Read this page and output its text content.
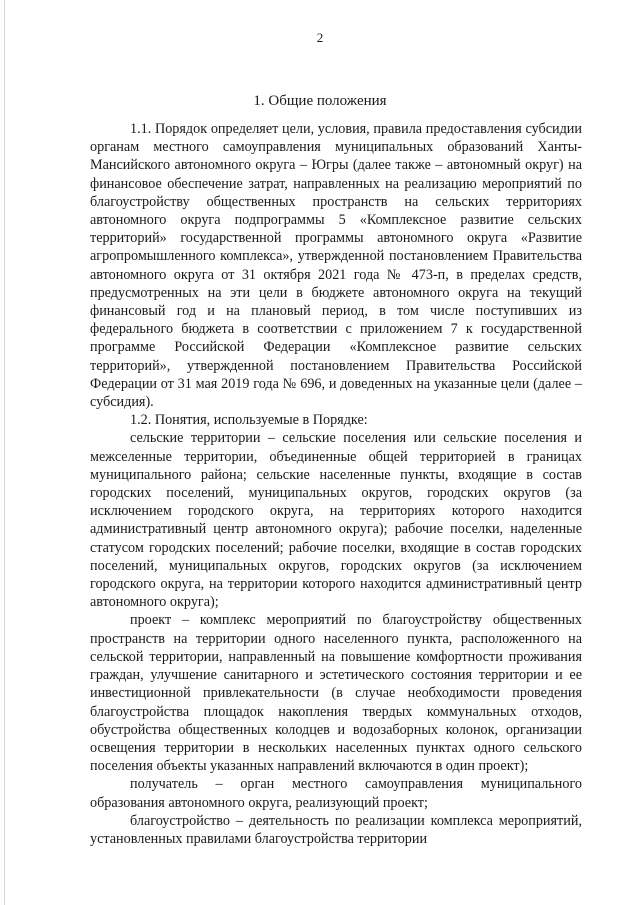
2
1. Общие положения

1.1. Порядок определяет цели, условия, правила предоставления субсидии органам местного самоуправления муниципальных образований Ханты-Мансийского автономного округа – Югры (далее также – автономный округ) на финансовое обеспечение затрат, направленных на реализацию мероприятий по благоустройству общественных пространств на сельских территориях автономного округа подпрограммы 5 «Комплексное развитие сельских территорий» государственной программы автономного округа «Развитие агропромышленного комплекса», утвержденной постановлением Правительства автономного округа от 31 октября 2021 года № 473-п, в пределах средств, предусмотренных на эти цели в бюджете автономного округа на текущий финансовый год и на плановый период, в том числе поступивших из федерального бюджета в соответствии с приложением 7 к государственной программе Российской Федерации «Комплексное развитие сельских территорий», утвержденной постановлением Правительства Российской Федерации от 31 мая 2019 года № 696, и доведенных на указанные цели (далее – субсидия).

1.2. Понятия, используемые в Порядке:

сельские территории – сельские поселения или сельские поселения и межселенные территории, объединенные общей территорией в границах муниципального района; сельские населенные пункты, входящие в состав городских поселений, муниципальных округов, городских округов (за исключением городского округа, на территориях которого находится административный центр автономного округа); рабочие поселки, наделенные статусом городских поселений; рабочие поселки, входящие в состав городских поселений, муниципальных округов, городских округов (за исключением городского округа, на территории которого находится административный центр автономного округа);

проект – комплекс мероприятий по благоустройству общественных пространств на территории одного населенного пункта, расположенного на сельской территории, направленный на повышение комфортности проживания граждан, улучшение санитарного и эстетического состояния территории и ее инвестиционной привлекательности (в случае необходимости проведения благоустройства площадок накопления твердых коммунальных отходов, обустройства общественных колодцев и водозаборных колонок, организации освещения территории в нескольких населенных пунктах одного сельского поселения объекты указанных направлений включаются в один проект);

получатель – орган местного самоуправления муниципального образования автономного округа, реализующий проект;

благоустройство – деятельность по реализации комплекса мероприятий, установленных правилами благоустройства территории
